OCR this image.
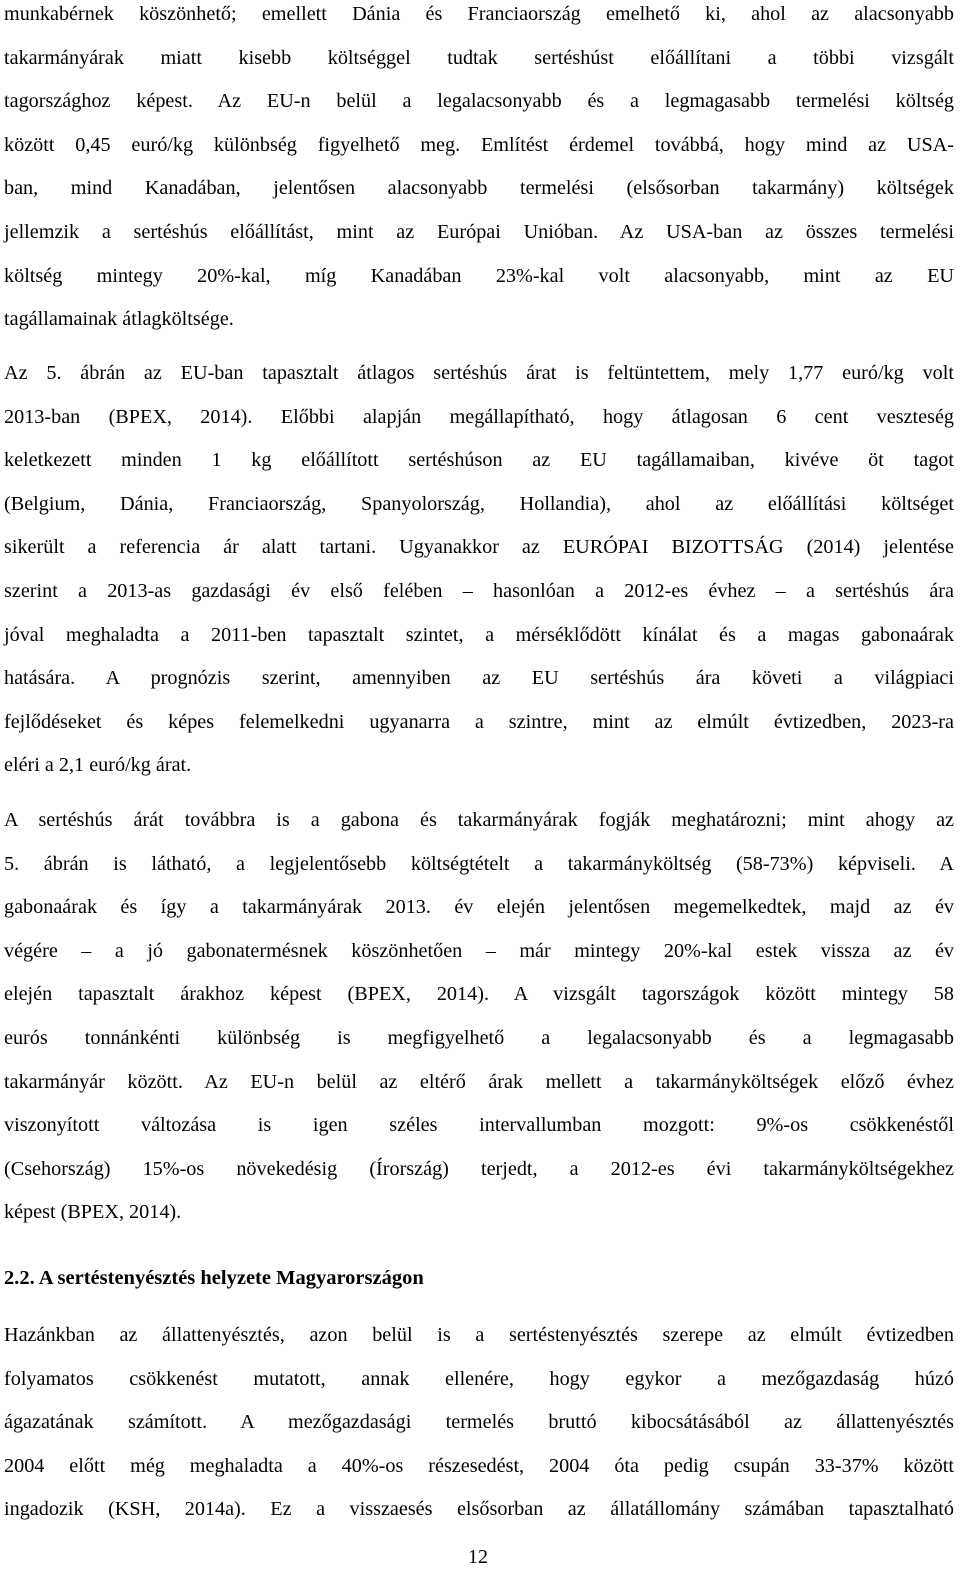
munkabérnek köszönhető; emellett Dánia és Franciaország emelhető ki, ahol az alacsonyabb
takarmányárak miatt kisebb költséggel tudtak sertéshúst előállítani a többi vizsgált
tagországhoz képest. Az EU-n belül a legalacsonyabb és a legmagasabb termelési költség
között 0,45 euró/kg különbség figyelhető meg. Említést érdemel továbbá, hogy mind az USA-
ban, mind Kanadában, jelentősen alacsonyabb termelési (elsősorban takarmány) költségek
jellemzik a sertéshús előállítást, mint az Európai Unióban. Az USA-ban az összes termelési
költség mintegy 20%-kal, míg Kanadában 23%-kal volt alacsonyabb, mint az EU
tagállamainak átlagköltsége.
Az 5. ábrán az EU-ban tapasztalt átlagos sertéshús árat is feltüntettem, mely 1,77 euró/kg volt
2013-ban (BPEX, 2014). Előbbi alapján megállapítható, hogy átlagosan 6 cent veszteség
keletkezett minden 1 kg előállított sertéshúson az EU tagállamaiban, kivéve öt tagot
(Belgium, Dánia, Franciaország, Spanyolország, Hollandia), ahol az előállítási költséget
sikerült a referencia ár alatt tartani. Ugyanakkor az EURÓPAI BIZOTTSÁG (2014) jelentése
szerint a 2013-as gazdasági év első felében – hasonlóan a 2012-es évhez – a sertéshús ára
jóval meghaladta a 2011-ben tapasztalt szintet, a mérséklődött kínálat és a magas gabonaárak
hatására. A prognózis szerint, amennyiben az EU sertéshús ára követi a világpiaci
fejlődéseket és képes felemelkedni ugyanarra a szintre, mint az elmúlt évtizedben, 2023-ra
eléri a 2,1 euró/kg árat.
A sertéshús árát továbbra is a gabona és takarmányárak fogják meghatározni; mint ahogy az
5. ábrán is látható, a legjelentősebb költségtételt a takarmányköltség (58-73%) képviseli. A
gabonaárak és így a takarmányárak 2013. év elején jelentősen megemelkedtek, majd az év
végére – a jó gabonatermésnek köszönhetően – már mintegy 20%-kal estek vissza az év
elején tapasztalt árakhoz képest (BPEX, 2014). A vizsgált tagországok között mintegy 58
eurós tonnánkénti különbség is megfigyelhető a legalacsonyabb és a legmagasabb
takarmányár között. Az EU-n belül az eltérő árak mellett a takarmányköltségek előző évhez
viszonyított változása is igen széles intervallumban mozgott: 9%-os csökkenéstől
(Csehország) 15%-os növekedésig (Írország) terjedt, a 2012-es évi takarmányköltségekhez
képest (BPEX, 2014).
2.2. A sertéstenyésztés helyzete Magyarországon
Hazánkban az állattenyésztés, azon belül is a sertéstenyésztés szerepe az elmúlt évtizedben
folyamatos csökkenést mutatott, annak ellenére, hogy egykor a mezőgazdaság húzó
ágazatának számított. A mezőgazdasági termelés bruttó kibocsátásából az állattenyésztés
2004 előtt még meghaladta a 40%-os részesedést, 2004 óta pedig csupán 33-37% között
ingadozik (KSH, 2014a). Ez a visszaesés elsősorban az állatállomány számában tapasztalható
12
